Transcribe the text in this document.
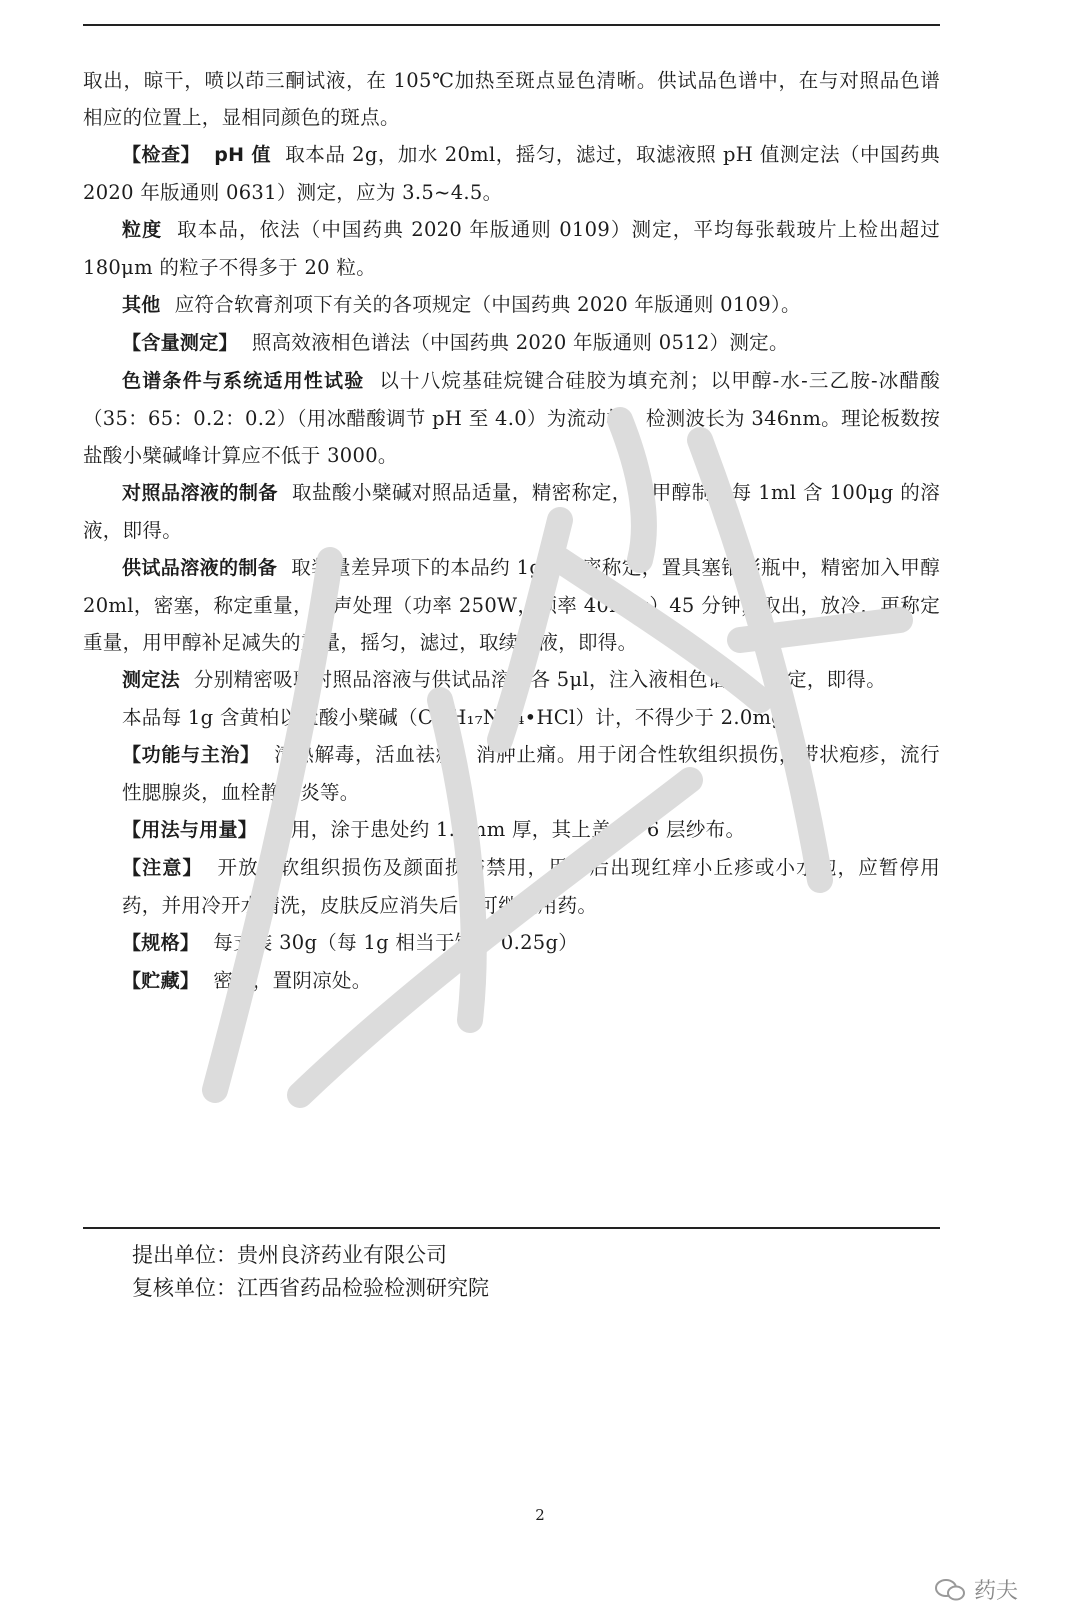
取出，晾干，喷以茚三酮试液，在 105℃加热至斑点显色清晰。供试品色谱中，在与对照品色谱相应的位置上，显相同颜色的斑点。

【检查】 pH 值 取本品 2g，加水 20ml，摇匀，滤过，取滤液照 pH 值测定法（中国药典 2020 年版通则 0631）测定，应为 3.5~4.5。

粒度 取本品，依法（中国药典 2020 年版通则 0109）测定，平均每张载玻片上检出超过 180μm 的粒子不得多于 20 粒。

其他 应符合软膏剂项下有关的各项规定（中国药典 2020 年版通则 0109）。

【含量测定】 照高效液相色谱法（中国药典 2020 年版通则 0512）测定。

色谱条件与系统适用性试验 以十八烷基硅烷键合硅胶为填充剂；以甲醇-水-三乙胺-冰醋酸（35：65：0.2：0.2）（用冰醋酸调节 pH 至 4.0）为流动相；检测波长为 346nm。理论板数按盐酸小檗碱峰计算应不低于 3000。

对照品溶液的制备 取盐酸小檗碱对照品适量，精密称定，加甲醇制成每 1ml 含 100μg 的溶液，即得。

供试品溶液的制备 取装量差异项下的本品约 1g，精密称定，置具塞锥形瓶中，精密加入甲醇 20ml，密塞，称定重量，超声处理（功率 250W，频率 40kHz）45 分钟，取出，放冷，再称定重量，用甲醇补足减失的重量，摇匀，滤过，取续滤液，即得。

测定法 分别精密吸取对照品溶液与供试品溶液各 5μl，注入液相色谱仪，测定，即得。

本品每 1g 含黄柏以盐酸小檗碱（C₂₀H₁₇NO₄•HCl）计，不得少于 2.0mg。

【功能与主治】 清热解毒，活血祛瘀，消肿止痛。用于闭合性软组织损伤，带状疱疹，流行性腮腺炎，血栓静脉炎等。

【用法与用量】 外用，涂于患处约 1.5mm 厚，其上盖 5~6 层纱布。

【注意】 开放性软组织损伤及颜面损伤禁用，用药后出现红痒小丘疹或小水泡，应暂停用药，并用冷开水清洗，皮肤反应消失后，可继续用药。

【规格】 每支装 30g（每 1g 相当于饮片 0.25g）

【贮藏】 密闭，置阴凉处。

提出单位：贵州良济药业有限公司
复核单位：江西省药品检验检测研究院
2
药夫
